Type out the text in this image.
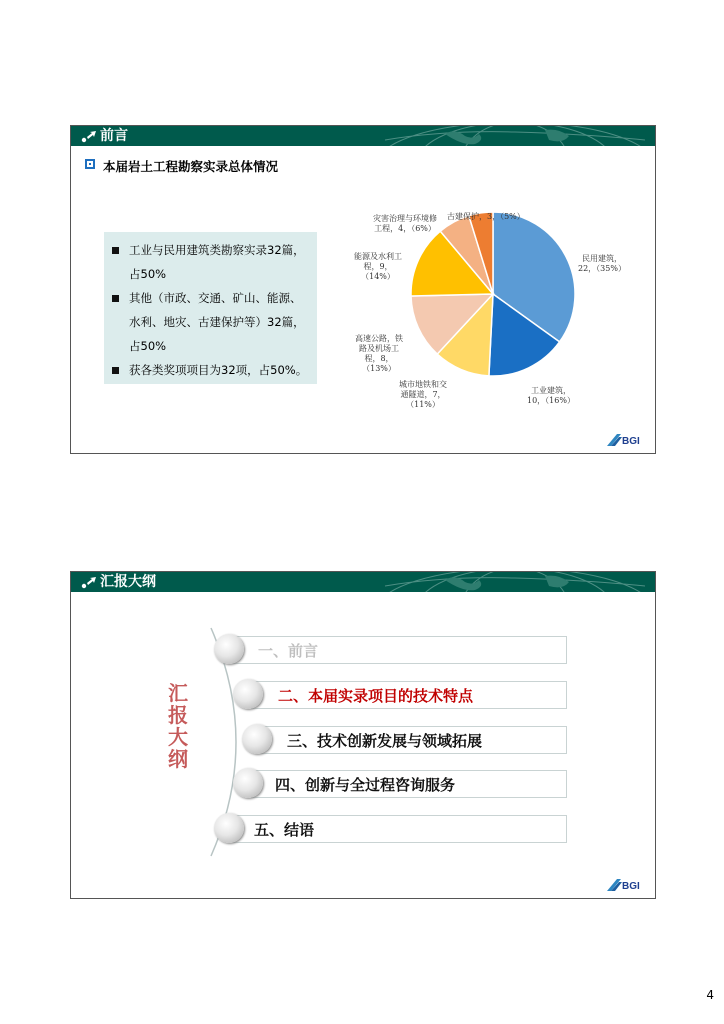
前言
本届岩土工程勘察实录总体情况
工业与民用建筑类勘察实录32篇，
占50%
其他（市政、交通、矿山、能源、
水利、地灾、古建保护等）32篇，
占50%
获各类奖项项目为32项，占50%。
民用建筑，
22，（35%）
工业建筑，
10，（16%）
城市地铁和交
通隧道，7，
（11%）
高速公路，铁
路及机场工
程，8，
（13%）
能源及水利工
程，9，
（14%）
灾害治理与环境修
工程，4，（6%）
古建保护，3，（5%）
BGI
汇报大纲
汇
报
大
纲
一、前言
二、本届实录项目的技术特点
三、技术创新发展与领域拓展
四、创新与全过程咨询服务
五、结语
BGI
4
